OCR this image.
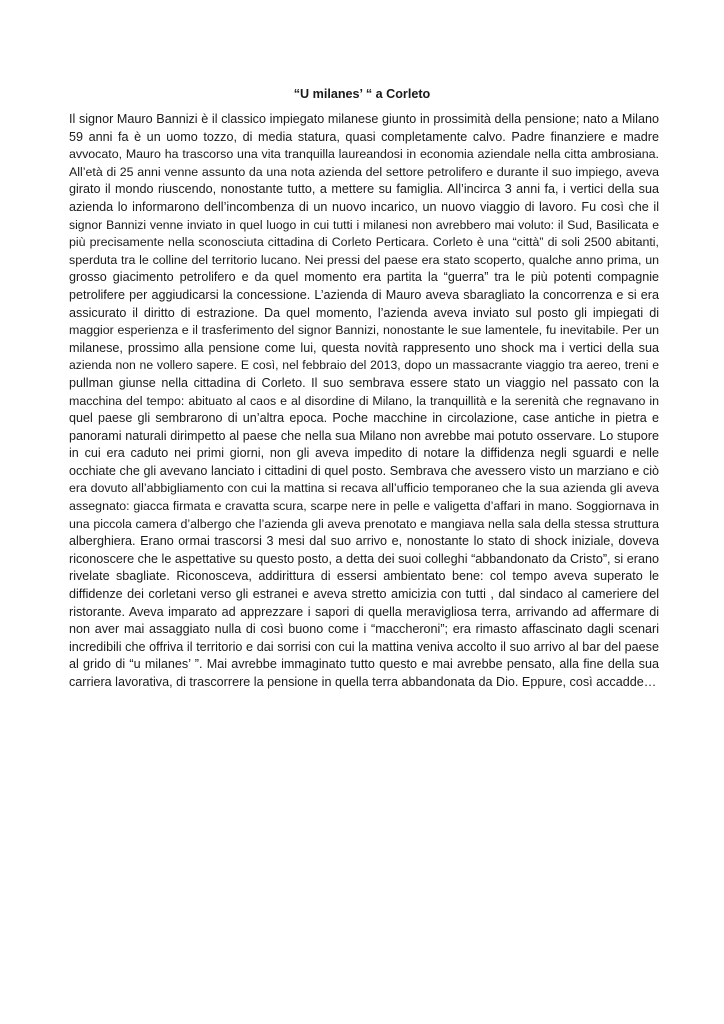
“U milanes’ “ a Corleto
Il signor Mauro Bannizi è il classico impiegato milanese giunto in prossimità della pensione; nato a Milano
59 anni fa è un uomo tozzo, di media statura, quasi completamente calvo. Padre finanziere e madre
avvocato, Mauro ha trascorso una vita tranquilla laureandosi in economia aziendale nella citta ambrosiana.
All’età di 25 anni venne assunto da una nota azienda del settore petrolifero e durante il suo impiego, aveva
girato il mondo riuscendo, nonostante tutto, a mettere su famiglia. All’incirca 3 anni fa, i vertici della sua
azienda lo informarono dell’incombenza di un nuovo incarico, un nuovo viaggio di lavoro. Fu così che il
signor Bannizi venne inviato in quel luogo in cui tutti i milanesi non avrebbero mai voluto: il Sud, Basilicata e
più precisamente nella sconosciuta cittadina di Corleto Perticara. Corleto è una “città” di soli 2500 abitanti,
sperduta tra le colline del territorio lucano. Nei pressi del paese era stato scoperto, qualche anno prima, un
grosso giacimento petrolifero e da quel momento era partita la “guerra” tra le più potenti compagnie
petrolifere per aggiudicarsi la concessione. L’azienda di Mauro aveva sbaragliato la concorrenza e si era
assicurato il diritto di estrazione. Da quel momento, l’azienda aveva inviato sul posto gli impiegati di
maggior esperienza e il trasferimento del signor Bannizi, nonostante le sue lamentele, fu inevitabile. Per un
milanese, prossimo alla pensione come lui, questa novità rappresento uno shock ma i vertici della sua
azienda non ne vollero sapere. E così, nel febbraio del 2013, dopo un massacrante viaggio tra aereo, treni e
pullman giunse nella cittadina di Corleto. Il suo sembrava essere stato un viaggio nel passato con la
macchina del tempo: abituato al caos e al disordine di Milano, la tranquillità e la serenità che regnavano in
quel paese gli sembrarono di un’altra epoca. Poche macchine in circolazione, case antiche in pietra e
panorami naturali dirimpetto al paese che nella sua Milano non avrebbe mai potuto osservare. Lo stupore
in cui era caduto nei primi giorni, non gli aveva impedito di notare la diffidenza negli sguardi e nelle
occhiate che gli avevano lanciato i cittadini di quel posto. Sembrava che avessero visto un marziano e ciò
era dovuto all’abbigliamento con cui la mattina si recava all’ufficio temporaneo che la sua azienda gli aveva
assegnato: giacca firmata e cravatta scura, scarpe nere in pelle e valigetta d’affari in mano. Soggiornava in
una piccola camera d’albergo che l’azienda gli aveva prenotato e mangiava nella sala della stessa struttura
alberghiera. Erano ormai trascorsi 3 mesi dal suo arrivo e, nonostante lo stato di shock iniziale, doveva
riconoscere che le aspettative su questo posto, a detta dei suoi colleghi “abbandonato da Cristo”, si erano
rivelate sbagliate. Riconosceva, addirittura di essersi ambientato bene: col tempo aveva superato le
diffidenze dei corletani verso gli estranei e aveva stretto amicizia con tutti , dal sindaco al cameriere del
ristorante. Aveva imparato ad apprezzare i sapori di quella meravigliosa terra, arrivando ad affermare di
non aver mai assaggiato nulla di così buono come i “maccheroni”; era rimasto affascinato dagli scenari
incredibili che offriva il territorio e dai sorrisi con cui la mattina veniva accolto il suo arrivo al bar del paese
al grido di “u milanes’ ”. Mai avrebbe immaginato tutto questo e mai avrebbe pensato, alla fine della sua
carriera lavorativa, di trascorrere la pensione in quella terra abbandonata da Dio. Eppure, così accadde…
